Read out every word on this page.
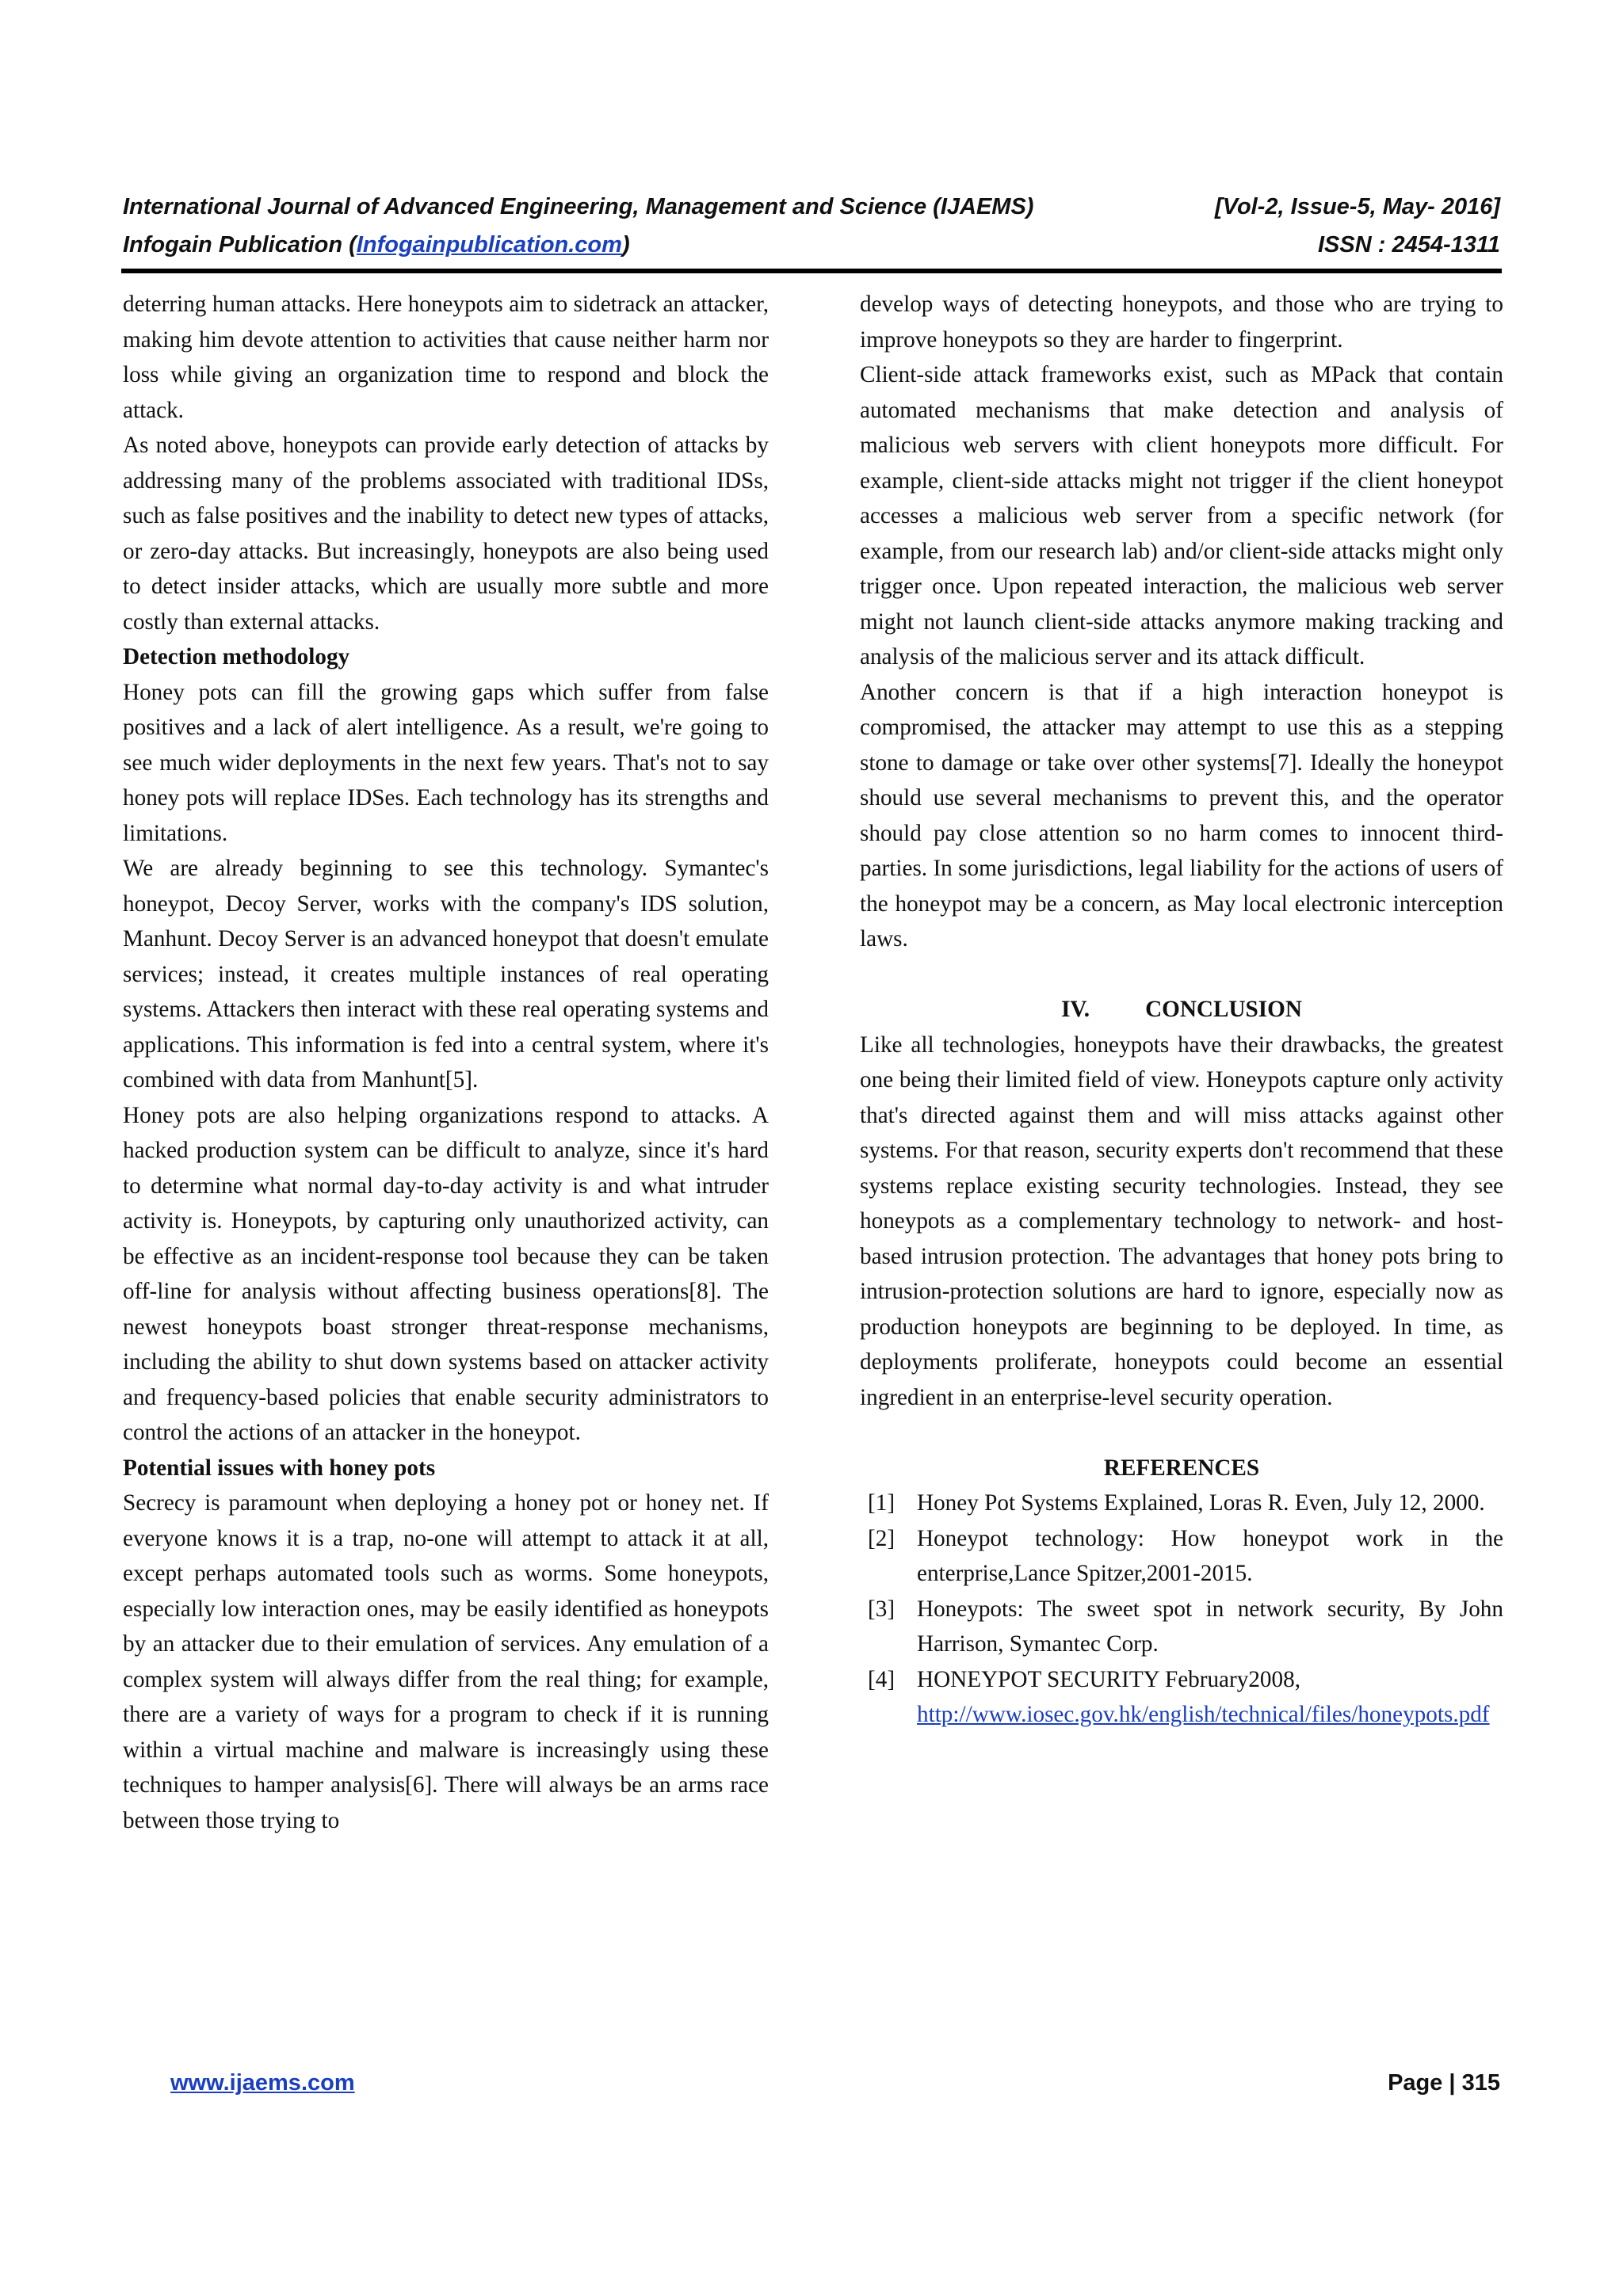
International Journal of Advanced Engineering, Management and Science (IJAEMS)	[Vol-2, Issue-5, May- 2016]
Infogain Publication (Infogainpublication.com)	ISSN : 2454-1311

deterring human attacks. Here honeypots aim to sidetrack an attacker, making him devote attention to activities that cause neither harm nor loss while giving an organization time to respond and block the attack.

As noted above, honeypots can provide early detection of attacks by addressing many of the problems associated with traditional IDSs, such as false positives and the inability to detect new types of attacks, or zero-day attacks. But increasingly, honeypots are also being used to detect insider attacks, which are usually more subtle and more costly than external attacks.

Detection methodology

Honey pots can fill the growing gaps which suffer from false positives and a lack of alert intelligence. As a result, we're going to see much wider deployments in the next few years. That's not to say honey pots will replace IDSes. Each technology has its strengths and limitations.

We are already beginning to see this technology. Symantec's honeypot, Decoy Server, works with the company's IDS solution, Manhunt. Decoy Server is an advanced honeypot that doesn't emulate services; instead, it creates multiple instances of real operating systems. Attackers then interact with these real operating systems and applications. This information is fed into a central system, where it's combined with data from Manhunt[5].

Honey pots are also helping organizations respond to attacks. A hacked production system can be difficult to analyze, since it's hard to determine what normal day-to-day activity is and what intruder activity is. Honeypots, by capturing only unauthorized activity, can be effective as an incident-response tool because they can be taken off-line for analysis without affecting business operations[8]. The newest honeypots boast stronger threat-response mechanisms, including the ability to shut down systems based on attacker activity and frequency-based policies that enable security administrators to control the actions of an attacker in the honeypot.

Potential issues with honey pots

Secrecy is paramount when deploying a honey pot or honey net. If everyone knows it is a trap, no-one will attempt to attack it at all, except perhaps automated tools such as worms. Some honeypots, especially low interaction ones, may be easily identified as honeypots by an attacker due to their emulation of services. Any emulation of a complex system will always differ from the real thing; for example, there are a variety of ways for a program to check if it is running within a virtual machine and malware is increasingly using these techniques to hamper analysis[6]. There will always be an arms race between those trying to

develop ways of detecting honeypots, and those who are trying to improve honeypots so they are harder to fingerprint.

Client-side attack frameworks exist, such as MPack that contain automated mechanisms that make detection and analysis of malicious web servers with client honeypots more difficult. For example, client-side attacks might not trigger if the client honeypot accesses a malicious web server from a specific network (for example, from our research lab) and/or client-side attacks might only trigger once. Upon repeated interaction, the malicious web server might not launch client-side attacks anymore making tracking and analysis of the malicious server and its attack difficult.

Another concern is that if a high interaction honeypot is compromised, the attacker may attempt to use this as a stepping stone to damage or take over other systems[7]. Ideally the honeypot should use several mechanisms to prevent this, and the operator should pay close attention so no harm comes to innocent third-parties. In some jurisdictions, legal liability for the actions of users of the honeypot may be a concern, as May local electronic interception laws.

IV. CONCLUSION

Like all technologies, honeypots have their drawbacks, the greatest one being their limited field of view. Honeypots capture only activity that's directed against them and will miss attacks against other systems. For that reason, security experts don't recommend that these systems replace existing security technologies. Instead, they see honeypots as a complementary technology to network- and host-based intrusion protection. The advantages that honey pots bring to intrusion-protection solutions are hard to ignore, especially now as production honeypots are beginning to be deployed. In time, as deployments proliferate, honeypots could become an essential ingredient in an enterprise-level security operation.

REFERENCES

[1] Honey Pot Systems Explained, Loras R. Even, July 12, 2000.
[2] Honeypot technology: How honeypot work in the enterprise,Lance Spitzer,2001-2015.
[3] Honeypots: The sweet spot in network security, By John Harrison, Symantec Corp.
[4] HONEYPOT SECURITY February2008,
http://www.iosec.gov.hk/english/technical/files/honeypots.pdf
www.ijaems.com	Page | 315
